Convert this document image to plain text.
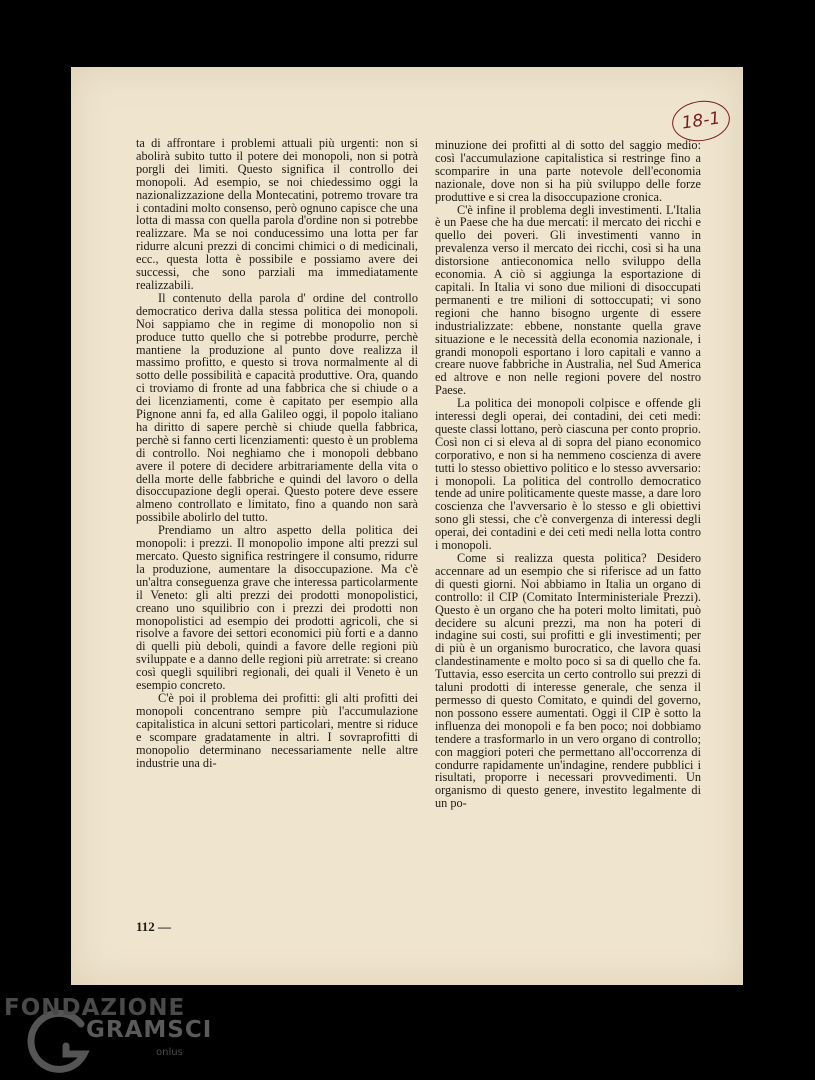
18-1

ta di affrontare i problemi attuali più urgenti: non si abolirà subito tutto il potere dei monopoli, non si potrà porgli dei limiti. Questo significa il controllo dei monopoli. Ad esempio, se noi chiedessimo oggi la nazionalizzazione della Montecatini, potremo trovare tra i contadini molto consenso, però ognuno capisce che una lotta di massa con quella parola d'ordine non si potrebbe realizzare. Ma se noi conducessimo una lotta per far ridurre alcuni prezzi di concimi chimici o di medicinali, ecc., questa lotta è possibile e possiamo avere dei successi, che sono parziali ma immediatamente realizzabili.

Il contenuto della parola d' ordine del controllo democratico deriva dalla stessa politica dei monopoli. Noi sappiamo che in regime di monopolio non si produce tutto quello che si potrebbe produrre, perchè mantiene la produzione al punto dove realizza il massimo profitto, e questo si trova normalmente al di sotto delle possibilità e capacità produttive. Ora, quando ci troviamo di fronte ad una fabbrica che si chiude o a dei licenziamenti, come è capitato per esempio alla Pignone anni fa, ed alla Galileo oggi, il popolo italiano ha diritto di sapere perchè si chiude quella fabbrica, perchè si fanno certi licenziamenti: questo è un problema di controllo. Noi neghiamo che i monopoli debbano avere il potere di decidere arbitrariamente della vita o della morte delle fabbriche e quindi del lavoro o della disoccupazione degli operai. Questo potere deve essere almeno controllato e limitato, fino a quando non sarà possibile abolirlo del tutto.

Prendiamo un altro aspetto della politica dei monopoli: i prezzi. Il monopolio impone alti prezzi sul mercato. Questo significa restringere il consumo, ridurre la produzione, aumentare la disoccupazione. Ma c'è un'altra conseguenza grave che interessa particolarmente il Veneto: gli alti prezzi dei prodotti monopolistici, creano uno squilibrio con i prezzi dei prodotti non monopolistici ad esempio dei prodotti agricoli, che si risolve a favore dei settori economici più forti e a danno di quelli più deboli, quindi a favore delle regioni più sviluppate e a danno delle regioni più arretrate: si creano così quegli squilibri regionali, dei quali il Veneto è un esempio concreto.

C'è poi il problema dei profitti: gli alti profitti dei monopoli concentrano sempre più l'accumulazione capitalistica in alcuni settori particolari, mentre si riduce e scompare gradatamente in altri. I sovraprofitti di monopolio determinano necessariamente nelle altre industrie una di-

minuzione dei profitti al di sotto del saggio medio: così l'accumulazione capitalistica si restringe fino a scomparire in una parte notevole dell'economia nazionale, dove non si ha più sviluppo delle forze produttive e si crea la disoccupazione cronica.

C'è infine il problema degli investimenti. L'Italia è un Paese che ha due mercati: il mercato dei ricchi e quello dei poveri. Gli investimenti vanno in prevalenza verso il mercato dei ricchi, così si ha una distorsione antieconomica nello sviluppo della economia. A ciò si aggiunga la esportazione di capitali. In Italia vi sono due milioni di disoccupati permanenti e tre milioni di sottoccupati; vi sono regioni che hanno bisogno urgente di essere industrializzate: ebbene, nonstante quella grave situazione e le necessità della economia nazionale, i grandi monopoli esportano i loro capitali e vanno a creare nuove fabbriche in Australia, nel Sud America ed altrove e non nelle regioni povere del nostro Paese.

La politica dei monopoli colpisce e offende gli interessi degli operai, dei contadini, dei ceti medi: queste classi lottano, però ciascuna per conto proprio. Così non ci si eleva al di sopra del piano economico corporativo, e non si ha nemmeno coscienza di avere tutti lo stesso obiettivo politico e lo stesso avversario: i monopoli. La politica del controllo democratico tende ad unire politicamente queste masse, a dare loro coscienza che l'avversario è lo stesso e gli obiettivi sono gli stessi, che c'è convergenza di interessi degli operai, dei contadini e dei ceti medi nella lotta contro i monopoli.

Come si realizza questa politica? Desidero accennare ad un esempio che si riferisce ad un fatto di questi giorni. Noi abbiamo in Italia un organo di controllo: il CIP (Comitato Interministeriale Prezzi). Questo è un organo che ha poteri molto limitati, può decidere su alcuni prezzi, ma non ha poteri di indagine sui costi, sui profitti e gli investimenti; per di più è un organismo burocratico, che lavora quasi clandestinamente e molto poco si sa di quello che fa. Tuttavia, esso esercita un certo controllo sui prezzi di taluni prodotti di interesse generale, che senza il permesso di questo Comitato, e quindi del governo, non possono essere aumentati. Oggi il CIP è sotto la influenza dei monopoli e fa ben poco; noi dobbiamo tendere a trasformarlo in un vero organo di controllo; con maggiori poteri che permettano all'occorrenza di condurre rapidamente un'indagine, rendere pubblici i risultati, proporre i necessari provvedimenti. Un organismo di questo genere, investito legalmente di un po-

112 —
FONDAZIONE
GRAMSCI
onlus
